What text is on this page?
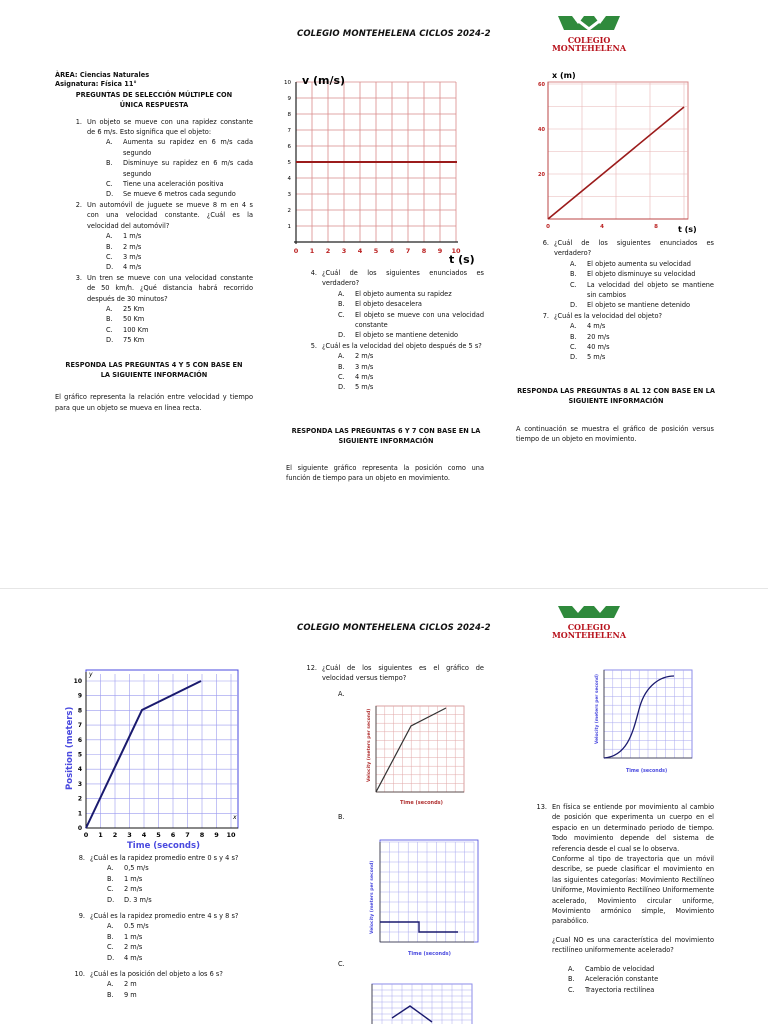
COLEGIO MONTEHELENA CICLOS 2024-2
COLEGIO
MONTEHELENA
ÀREA: Ciencias Naturales
Asignatura: Física 11°
PREGUNTAS DE SELECCIÓN MÚLTIPLE CON ÚNICA RESPUESTA
1. Un objeto se mueve con una rapidez constante de 6 m/s. Esto significa que el objeto:
A.	Aumenta su rapidez en 6 m/s cada segundo
B.	Disminuye su rapidez en 6 m/s cada segundo
C.	Tiene una aceleración positiva
D.	Se mueve 6 metros cada segundo
2. Un automóvil de juguete se mueve 8 m en 4 s con una velocidad constante. ¿Cuál es la velocidad del automóvil?
A.	1 m/s
B.	2 m/s
C.	3 m/s
D.	4 m/s
3. Un tren se mueve con una velocidad constante de 50 km/h. ¿Qué distancia habrá recorrido después de 30 minutos?
A.	25 Km
B.	50 Km
C.	100 Km
D.	75 Km
RESPONDA LAS PREGUNTAS 4 Y 5 CON BASE EN LA SIGUIENTE INFORMACIÓN
El gráfico representa la relación entre velocidad y tiempo para que un objeto se mueva en línea recta.
v (m/s)
t (s)
0 1
1
2
2
3
3
4
4
5
5
6
6
7
7
8
8
9
9
10
10
4. ¿Cuál de los siguientes enunciados es verdadero?
A.	El objeto aumenta su rapidez
B.	El objeto desacelera
C.	El objeto se mueve con una velocidad constante
D.	El objeto se mantiene detenido
5. ¿Cuál es la velocidad del objeto después de 5 s?
A.	2 m/s
B.	3 m/s
C.	4 m/s
D.	5 m/s
RESPONDA LAS PREGUNTAS 6 Y 7 CON BASE EN LA SIGUIENTE INFORMACIÓN
El siguiente gráfico representa la posición como una función de tiempo para un objeto en movimiento.
x (m)
t (s)
60
40
20
0	4	8
6. ¿Cuál de los siguientes enunciados es verdadero?
A.	El objeto aumenta su velocidad
B.	El objeto disminuye su velocidad
C.	La velocidad del objeto se mantiene sin cambios
D.	El objeto se mantiene detenido
7. ¿Cuál es la velocidad del objeto?
A.	4 m/s
B.	20 m/s
C.	40 m/s
D.	5 m/s
RESPONDA LAS PREGUNTAS 8 AL 12 CON BASE EN LA SIGUIENTE INFORMACIÓN
A continuación se muestra el gráfico de posición versus tiempo de un objeto en movimiento.
COLEGIO MONTEHELENA CICLOS 2024-2	COLEGIO
MONTEHELENA
Position (meters)
Time (seconds)
y
x
0
0
1
1
2
2
3
3
4
4
5
5
6
6
7
7
8
8
9
9
10
10
8. ¿Cuál es la rapidez promedio entre 0 s y 4 s?
A.	0,5 m/s
B.	1 m/s
C.	2 m/s
D.	D. 3 m/s
9. ¿Cuál es la rapidez promedio entre 4 s y 8 s?
A.	0.5 m/s
B.	1 m/s
C.	2 m/s
D.	4 m/s
10. ¿Cuál es la posición del objeto a los 6 s?
A.	2 m
B.	9 m
12. ¿Cuál de los siguientes es el gráfico de velocidad versus tiempo?
A.
B.
C.
Velocity (meters per second)
Time (seconds)
Velocity (meters per second)
Time (seconds)
Velocity (meters per second)
Time (seconds)
13. En física se entiende por movimiento al cambio de posición que experimenta un cuerpo en el espacio en un determinado periodo de tiempo. Todo movimiento depende del sistema de referencia desde el cual se lo observa.
Conforme al tipo de trayectoria que un móvil describe, se puede clasificar el movimiento en las siguientes categorías: Movimiento Rectilíneo Uniforme, Movimiento Rectilíneo Uniformemente acelerado, Movimiento circular uniforme, Movimiento armónico simple, Movimiento parabólico.
¿Cual NO es una característica del movimiento rectilíneo uniformemente acelerado?
A.	Cambio de velocidad
B.	Aceleración constante
C.	Trayectoria rectilínea
